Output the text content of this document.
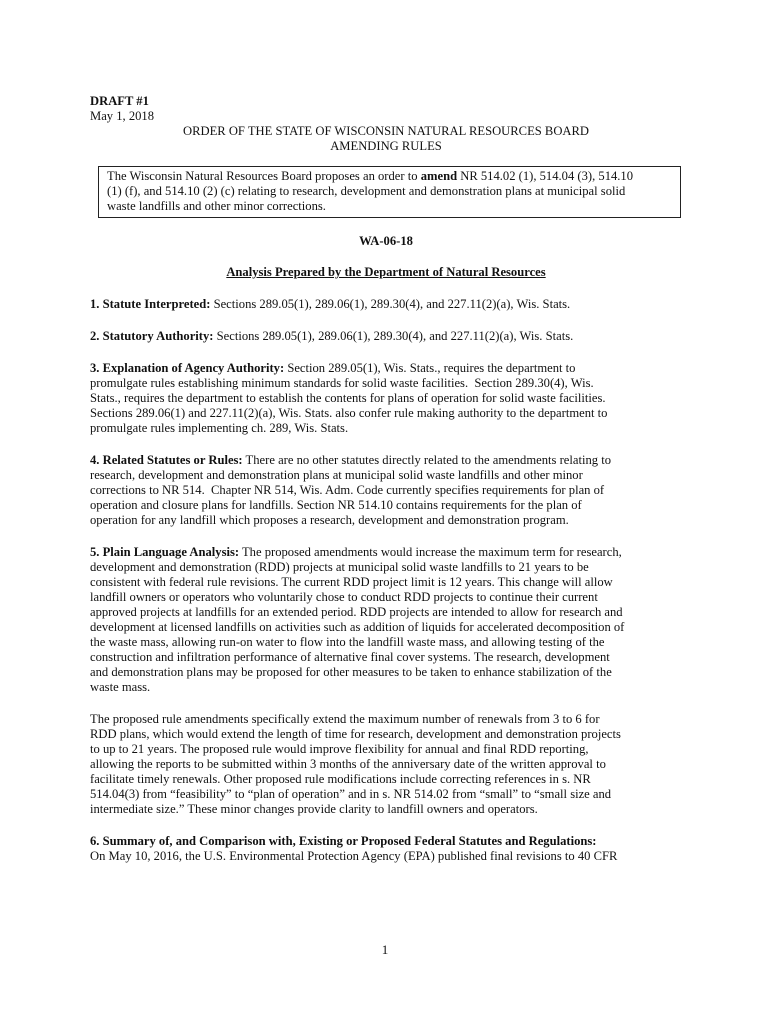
DRAFT #1
May 1, 2018
ORDER OF THE STATE OF WISCONSIN NATURAL RESOURCES BOARD
AMENDING RULES
The Wisconsin Natural Resources Board proposes an order to amend NR 514.02 (1), 514.04 (3), 514.10
(1) (f), and 514.10 (2) (c) relating to research, development and demonstration plans at municipal solid
waste landfills and other minor corrections.
WA-06-18
Analysis Prepared by the Department of Natural Resources
1. Statute Interpreted: Sections 289.05(1), 289.06(1), 289.30(4), and 227.11(2)(a), Wis. Stats.
2. Statutory Authority: Sections 289.05(1), 289.06(1), 289.30(4), and 227.11(2)(a), Wis. Stats.
3. Explanation of Agency Authority: Section 289.05(1), Wis. Stats., requires the department to
promulgate rules establishing minimum standards for solid waste facilities.  Section 289.30(4), Wis.
Stats., requires the department to establish the contents for plans of operation for solid waste facilities.
Sections 289.06(1) and 227.11(2)(a), Wis. Stats. also confer rule making authority to the department to
promulgate rules implementing ch. 289, Wis. Stats.
4. Related Statutes or Rules: There are no other statutes directly related to the amendments relating to
research, development and demonstration plans at municipal solid waste landfills and other minor
corrections to NR 514.  Chapter NR 514, Wis. Adm. Code currently specifies requirements for plan of
operation and closure plans for landfills. Section NR 514.10 contains requirements for the plan of
operation for any landfill which proposes a research, development and demonstration program.
5. Plain Language Analysis: The proposed amendments would increase the maximum term for research,
development and demonstration (RDD) projects at municipal solid waste landfills to 21 years to be
consistent with federal rule revisions. The current RDD project limit is 12 years. This change will allow
landfill owners or operators who voluntarily chose to conduct RDD projects to continue their current
approved projects at landfills for an extended period. RDD projects are intended to allow for research and
development at licensed landfills on activities such as addition of liquids for accelerated decomposition of
the waste mass, allowing run-on water to flow into the landfill waste mass, and allowing testing of the
construction and infiltration performance of alternative final cover systems. The research, development
and demonstration plans may be proposed for other measures to be taken to enhance stabilization of the
waste mass.
The proposed rule amendments specifically extend the maximum number of renewals from 3 to 6 for
RDD plans, which would extend the length of time for research, development and demonstration projects
to up to 21 years. The proposed rule would improve flexibility for annual and final RDD reporting,
allowing the reports to be submitted within 3 months of the anniversary date of the written approval to
facilitate timely renewals. Other proposed rule modifications include correcting references in s. NR
514.04(3) from “feasibility” to “plan of operation” and in s. NR 514.02 from “small” to “small size and
intermediate size.” These minor changes provide clarity to landfill owners and operators.
6. Summary of, and Comparison with, Existing or Proposed Federal Statutes and Regulations:
On May 10, 2016, the U.S. Environmental Protection Agency (EPA) published final revisions to 40 CFR
1
